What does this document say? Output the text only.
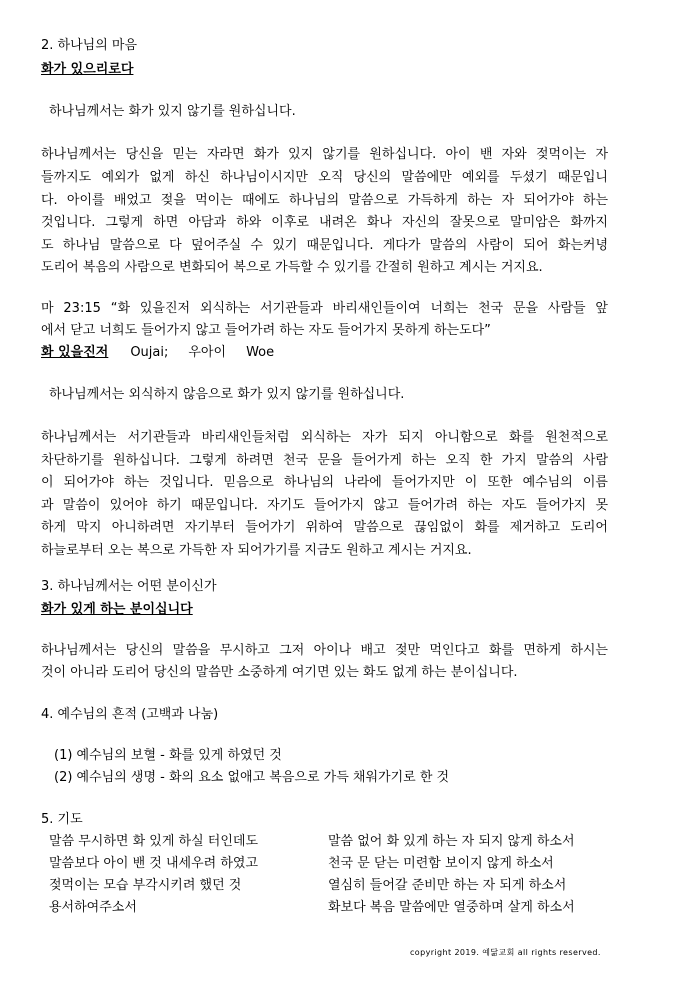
2. 하나님의 마음
화가 있으리로다
하나님께서는 화가 있지 않기를 원하십니다.
하나님께서는 당신을 믿는 자라면 화가 있지 않기를 원하십니다. 아이 밴 자와 젖먹이는 자
들까지도 예외가 없게 하신 하나님이시지만 오직 당신의 말씀에만 예외를 두셨기 때문입니
다. 아이를 배었고 젖을 먹이는 때에도 하나님의 말씀으로 가득하게 하는 자 되어가야 하는
것입니다. 그렇게 하면 아담과 하와 이후로 내려온 화나 자신의 잘못으로 말미암은 화까지
도 하나님 말씀으로 다 덮어주실 수 있기 때문입니다. 게다가 말씀의 사람이 되어 화는커녕
도리어 복음의 사람으로 변화되어 복으로 가득할 수 있기를 간절히 원하고 계시는 거지요.
마 23:15 “화 있을진저 외식하는 서기관들과 바리새인들이여 너희는 천국 문을 사람들 앞
에서 닫고 너희도 들어가지 않고 들어가려 하는 자도 들어가지 못하게 하는도다”
화 있을진저 Oujai; 우아이 Woe
하나님께서는 외식하지 않음으로 화가 있지 않기를 원하십니다.
하나님께서는 서기관들과 바리새인들처럼 외식하는 자가 되지 아니함으로 화를 원천적으로
차단하기를 원하십니다. 그렇게 하려면 천국 문을 들어가게 하는 오직 한 가지 말씀의 사람
이 되어가야 하는 것입니다. 믿음으로 하나님의 나라에 들어가지만 이 또한 예수님의 이름
과 말씀이 있어야 하기 때문입니다. 자기도 들어가지 않고 들어가려 하는 자도 들어가지 못
하게 막지 아니하려면 자기부터 들어가기 위하여 말씀으로 끊임없이 화를 제거하고 도리어
하늘로부터 오는 복으로 가득한 자 되어가기를 지금도 원하고 계시는 거지요.
3. 하나님께서는 어떤 분이신가
화가 있게 하는 분이십니다
하나님께서는 당신의 말씀을 무시하고 그저 아이나 배고 젖만 먹인다고 화를 면하게 하시는
것이 아니라 도리어 당신의 말씀만 소중하게 여기면 있는 화도 없게 하는 분이십니다.
4. 예수님의 흔적 (고백과 나눔)
(1) 예수님의 보혈 - 화를 있게 하였던 것
(2) 예수님의 생명 - 화의 요소 없애고 복음으로 가득 채워가기로 한 것
5. 기도
말씀 무시하면 화 있게 하실 터인데도
말씀보다 아이 밴 것 내세우려 하였고
젖먹이는 모습 부각시키려 했던 것
용서하여주소서
말씀 없어 화 있게 하는 자 되지 않게 하소서
천국 문 닫는 미련함 보이지 않게 하소서
열심히 들어갈 준비만 하는 자 되게 하소서
화보다 복음 말씀에만 열중하며 살게 하소서
copyright 2019. 예닮교회 all rights reserved.
